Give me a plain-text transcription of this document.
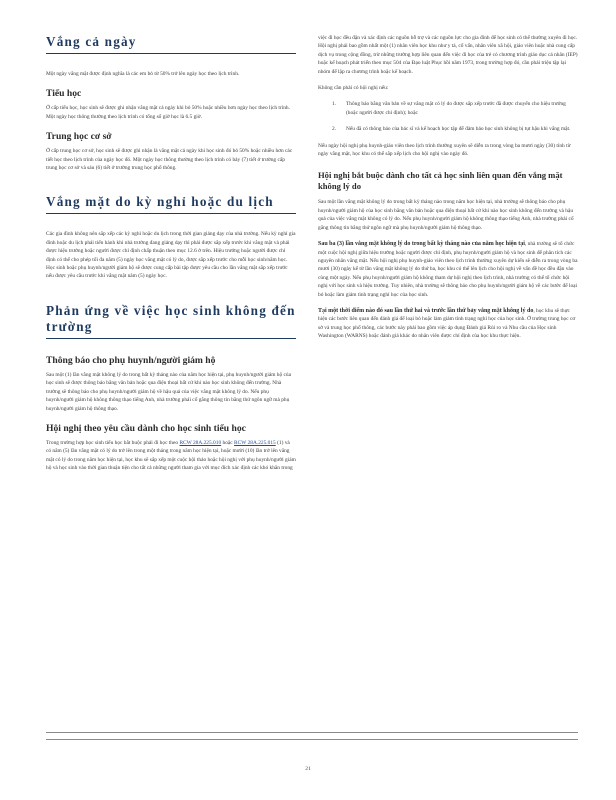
Vắng cả ngày

Một ngày vắng mặt được định nghĩa là các em bỏ từ 50% trở lên ngày học theo lịch trình.

Tiểu học

Ở cấp tiểu học, học sinh sẽ được ghi nhận vắng mặt cả ngày khi bỏ 50% hoặc nhiều hơn ngày học theo lịch trình. Một ngày học thông thường theo lịch trình có tổng số giờ học là 6.5 giờ.

Trung học cơ sở

Ở cấp trung học cơ sở, học sinh sẽ được ghi nhận là vắng mặt cả ngày khi học sinh đó bỏ 50% hoặc nhiều hơn các tiết học theo lịch trình của ngày học đó. Một ngày học thông thường theo lịch trình có bảy (7) tiết ở trường cấp trung học cơ sở và sáu (6) tiết ở trường trung học phổ thông.

Vắng mặt do kỳ nghỉ hoặc du lịch

Các gia đình không nên sắp xếp các kỳ nghỉ hoặc du lịch trong thời gian giảng dạy của nhà trường. Nếu kỳ nghỉ gia đình hoặc du lịch phải tiến hành khi nhà trường đang giảng dạy thì phải được sắp xếp trước khi vắng mặt và phải được hiệu trưởng hoặc người được chỉ định chấp thuận theo mục 12.6 ở trên. Hiệu trưởng hoặc người được chỉ định có thể cho phép tối đa năm (5) ngày học vắng mặt có lý do, được sắp xếp trước cho mỗi học sinh/năm học. Học sinh hoặc phụ huynh/người giám hộ sẽ được cung cấp bài tập được yêu cầu cho lần vắng mặt sắp xếp trước nếu được yêu cầu trước khi vắng mặt năm (5) ngày học.

Phản ứng về việc học sinh không đến trường
Thông báo cho phụ huynh/người giám hộ

Sau một (1) lần vắng mặt không lý do trong bất kỳ tháng nào của năm học hiện tại, phụ huynh/người giám hộ của học sinh sẽ được thông báo bằng văn bản hoặc qua điện thoại bất cứ khi nào học sinh không đến trường. Nhà trường sẽ thông báo cho phụ huynh/người giám hộ về hậu quả của việc vắng mặt không lý do. Nếu phụ huynh/người giám hộ không thông thạo tiếng Anh, nhà trường phải cố gắng thông tin bằng thứ ngôn ngữ mà phụ huynh/người giám hộ thông thạo.

Hội nghị theo yêu cầu dành cho học sinh tiểu học

Trong trường hợp học sinh tiểu học bắt buộc phải đi học theo RCW 28A.225.010 hoặc RCW 28A.225.015 (1) và có năm (5) lần vắng mặt có lý do trở lên trong một tháng trong năm học hiện tại, hoặc mười (10) lần trở lên vắng mặt có lý do trong năm học hiện tại, học khu sẽ sắp xếp một cuộc hội thảo hoặc hội nghị với phụ huynh/người giám hộ và học sinh vào thời gian thuận tiện cho tất cả những người tham gia với mục đích xác định các khó khăn trong

việc đi học đều đặn và xác định các nguồn hỗ trợ và các nguồn lực cho gia đình để học sinh có thể thường xuyên đi học. Hội nghị phải bao gồm nhất một (1) nhân viên học khu như y tá, cố vấn, nhân viên xã hội, giáo viên hoặc nhà cung cấp dịch vụ trong cộng đồng, trừ những trường hợp liên quan đến việc đi học của trẻ có chương trình giáo dục cá nhân (IEP) hoặc kế hoạch phát triển theo mục 504 của Đạo luật Phục hồi năm 1973, trong trường hợp đó, cần phải triệu tập lại nhóm để lập ra chương trình hoặc kế hoạch.

Không cần phải có hội nghị nếu:

1. Thông báo bằng văn bản về sự vắng mặt có lý do được sắp xếp trước đã được chuyển cho hiệu trưởng (hoặc người được chỉ định); hoặc
2. Nếu đã có thông báo của bác sĩ và kế hoạch học tập để đảm bảo học sinh không bị tụt hậu khi vắng mặt.

Nếu ngày hội nghị phụ huynh-giáo viên theo lịch trình thường xuyên sẽ diễn ra trong vòng ba mươi ngày (30) tính từ ngày vắng mặt, học khu có thể sắp xếp lịch cho hội nghị vào ngày đó.

Hội nghị bắt buộc dành cho tất cả học sinh liên quan đến vắng mặt không lý do

Sau một lần vắng mặt không lý do trong bất kỳ tháng nào trong năm học hiện tại, nhà trường sẽ thông báo cho phụ huynh/người giám hộ của học sinh bằng văn bản hoặc qua điện thoại bất cứ khi nào học sinh không đến trường và hậu quả của việc vắng mặt không có lý do. Nếu phụ huynh/người giám hộ không thông thạo tiếng Anh, nhà trường phải cố gắng thông tin bằng thứ ngôn ngữ mà phụ huynh/người giám hộ thông thạo.

Sau ba (3) lần vắng mặt không lý do trong bất kỳ tháng nào của năm học hiện tại, nhà trường sẽ tổ chức một cuộc hội nghị giữa hiệu trưởng hoặc người được chỉ định, phụ huynh/người giám hộ và học sinh để phân tích các nguyên nhân vắng mặt. Nếu hội nghị phụ huynh-giáo viên theo lịch trình thường xuyên dự kiến sẽ diễn ra trong vòng ba mươi (30) ngày kể từ lần vắng mặt không lý do thứ ba, học khu có thể lên lịch cho hội nghị về vấn đề học đều đặn vào cùng một ngày. Nếu phụ huynh/người giám hộ không tham dự hội nghị theo lịch trình, nhà trường có thể tổ chức hội nghị với học sinh và hiệu trưởng. Tuy nhiên, nhà trường sẽ thông báo cho phụ huynh/người giám hộ về các bước để loại bỏ hoặc làm giảm tình trạng nghỉ học của học sinh.

Tại một thời điểm nào đó sau lần thứ hai và trước lần thứ bảy vắng mặt không lý do, học khu sẽ thực hiện các bước liên quan đến đánh giá để loại bỏ hoặc làm giảm tình trạng nghỉ học của học sinh. Ở trường trung học cơ sở và trung học phổ thông, các bước này phải bao gồm việc áp dụng Đánh giá Rủi ro và Nhu cầu của Học sinh Washington (WARNS) hoặc đánh giá khác do nhân viên được chỉ định của học khu thực hiện.

21
